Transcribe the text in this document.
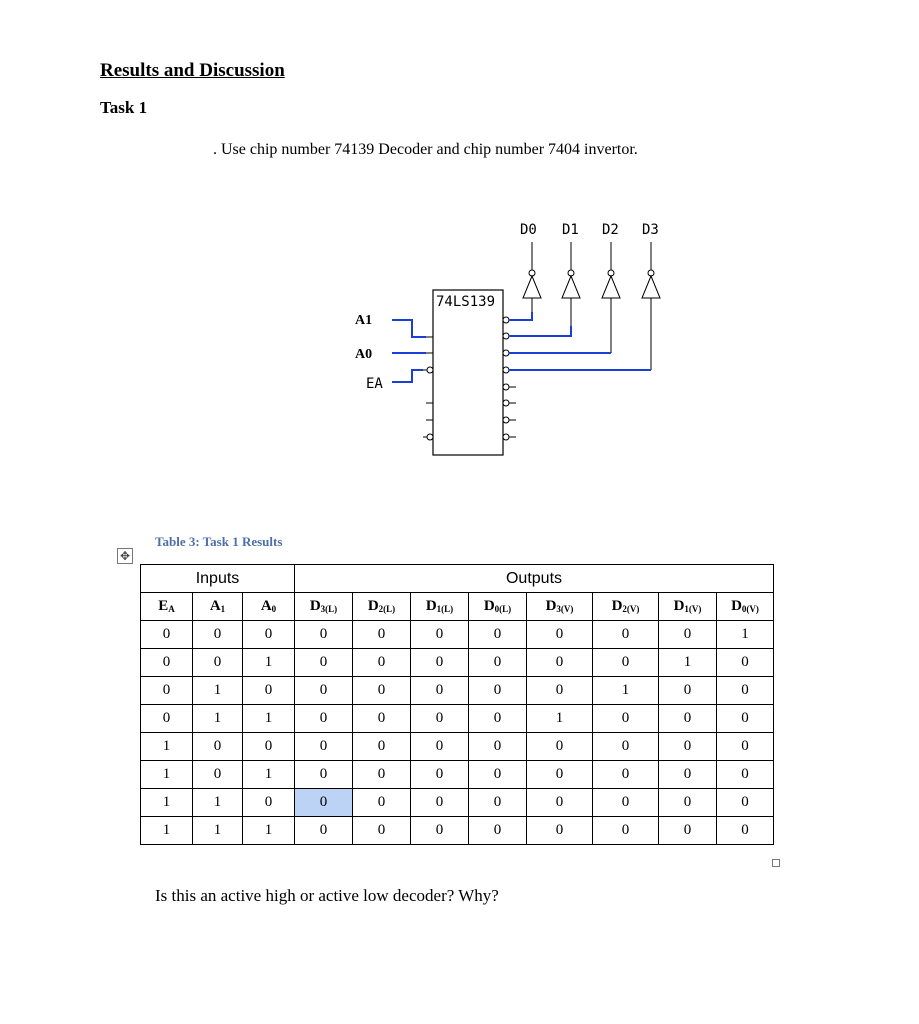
Results and Discussion
Task 1

. Use chip number 74139 Decoder and chip number 7404 invertor.

D0 D1 D2 D3
74LS139
A1
A0
EA
✥

Table 3: Task 1 Results

Inputs			Outputs							
$E_A$	$A_1$	$A_0$	$D_{3(L)}$	$D_{2(L)}$	$D_{1(L)}$	$D_{0(L)}$	$D_{3(V)}$	$D_{2(V)}$	$D_{1(V)}$	$D_{0(V)}$
0	0	0	0	0	0	0	0	0	0	1
0	0	1	0	0	0	0	0	0	1	0
0	1	0	0	0	0	0	0	1	0	0
0	1	1	0	0	0	0	1	0	0	0
1	0	0	0	0	0	0	0	0	0	0
1	0	1	0	0	0	0	0	0	0	0
1	1	0	0	0	0	0	0	0	0	0
1	1	1	0	0	0	0	0	0	0	0

Is this an active high or active low decoder? Why?
